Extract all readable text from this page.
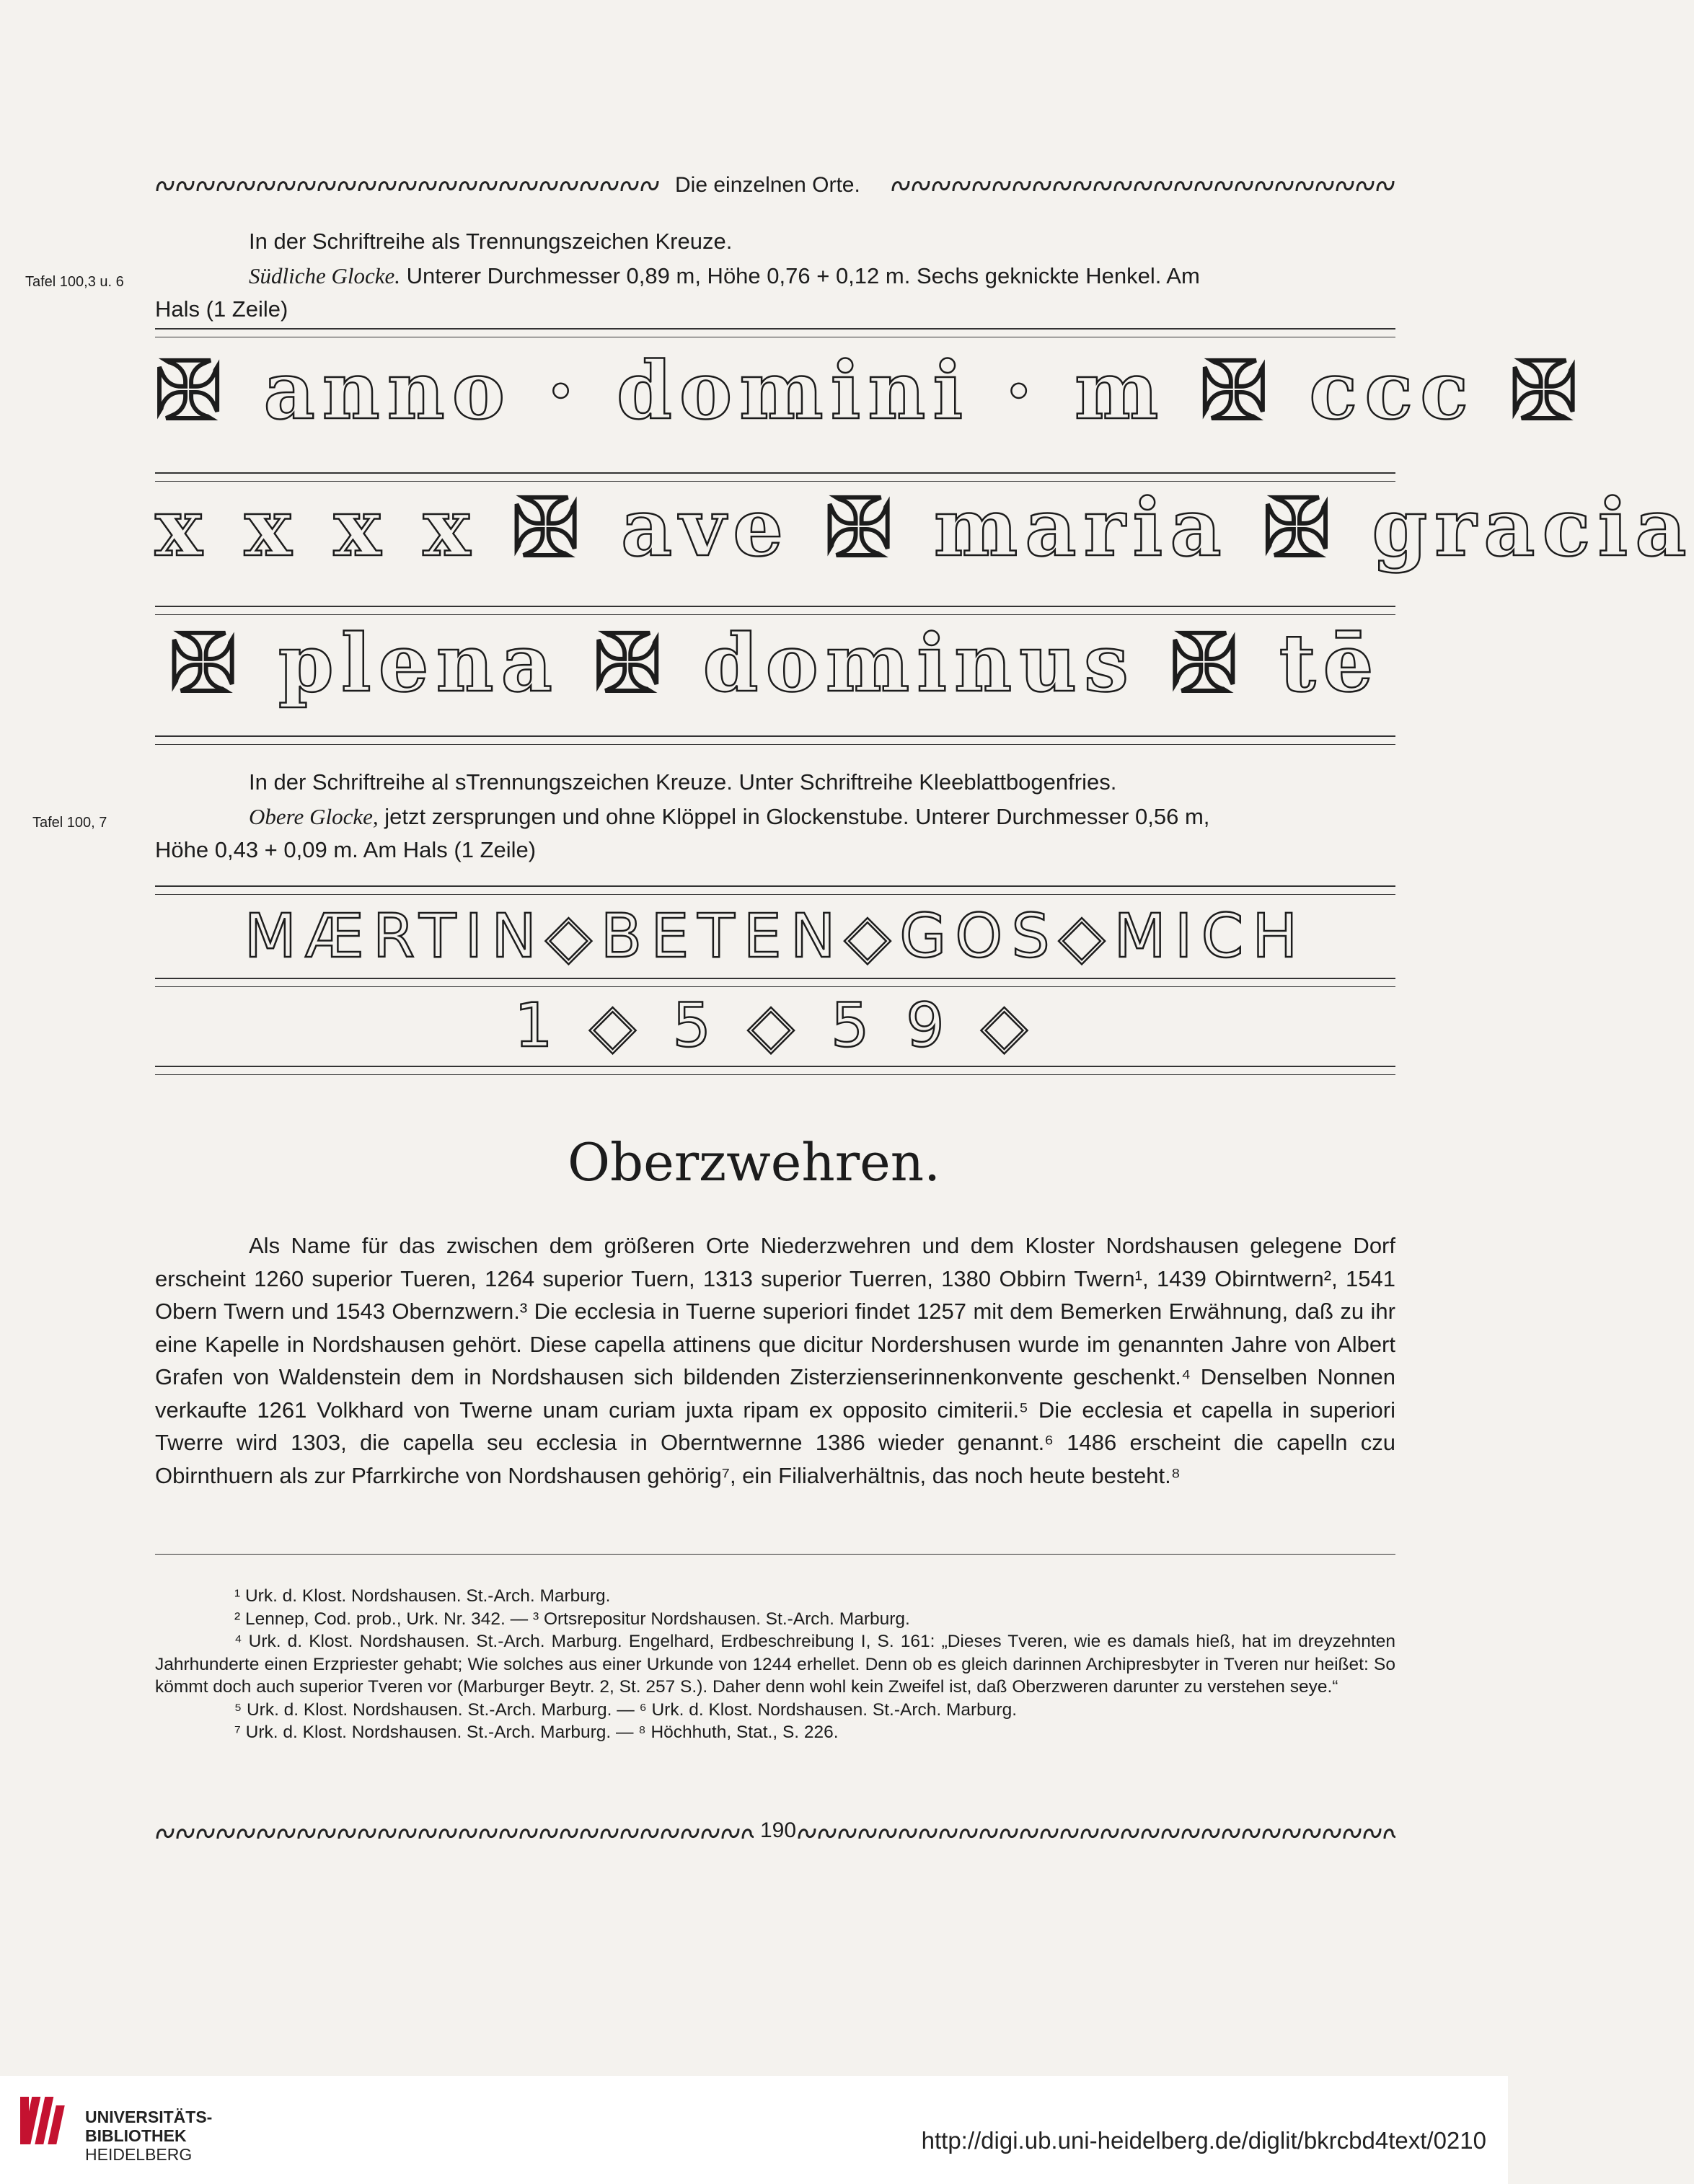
Die einzelnen Orte.
In der Schriftreihe als Trennungszeichen Kreuze.
Tafel 100,3 u. 6	Südliche Glocke. Unterer Durchmesser 0,89 m, Höhe 0,76 + 0,12 m. Sechs geknickte Henkel. Am
Hals (1 Zeile)
✠ anno · domini · m ✠ ccc ✠
x x x x ✠ ave ✠ maria ✠ gracia
✠ plena ✠ dominus ✠ tē
In der Schriftreihe al sTrennungszeichen Kreuze. Unter Schriftreihe Kleeblattbogenfries.
Tafel 100, 7	Obere Glocke, jetzt zersprungen und ohne Klöppel in Glockenstube. Unterer Durchmesser 0,56 m,
Höhe 0,43 + 0,09 m. Am Hals (1 Zeile)
MÆRTIN◇BETEN◇GOS◇MICH
1 ◇ 5 ◇ 5 9 ◇
Oberzwehren.
Als Name für das zwischen dem größeren Orte Niederzwehren und dem Kloster Nordshausen gelegene Dorf erscheint 1260 superior Tueren, 1264 superior Tuern, 1313 superior Tuerren, 1380 Obbirn Twern¹, 1439 Obirntwern², 1541 Obern Twern und 1543 Obernzwern.³ Die ecclesia in Tuerne superiori findet 1257 mit dem Bemerken Erwähnung, daß zu ihr eine Kapelle in Nordshausen gehört. Diese capella attinens que dicitur Nordershusen wurde im genannten Jahre von Albert Grafen von Waldenstein dem in Nordshausen sich bildenden Zisterzienserinnenkonvente geschenkt.⁴ Denselben Nonnen verkaufte 1261 Volkhard von Twerne unam curiam juxta ripam ex opposito cimiterii.⁵ Die ecclesia et capella in superiori Twerre wird 1303, die capella seu ecclesia in Oberntwernne 1386 wieder genannt.⁶ 1486 erscheint die capelln czu Obirnthuern als zur Pfarrkirche von Nordshausen gehörig⁷, ein Filialverhältnis, das noch heute besteht.⁸

¹ Urk. d. Klost. Nordshausen. St.-Arch. Marburg.

² Lennep, Cod. prob., Urk. Nr. 342. — ³ Ortsrepositur Nordshausen. St.-Arch. Marburg.

⁴ Urk. d. Klost. Nordshausen. St.-Arch. Marburg. Engelhard, Erdbeschreibung I, S. 161: „Dieses Tveren, wie es damals hieß, hat im dreyzehnten Jahrhunderte einen Erzpriester gehabt; Wie solches aus einer Urkunde von 1244 erhellet. Denn ob es gleich darinnen Archipresbyter in Tveren nur heißet: So kömmt doch auch superior Tveren vor (Marburger Beytr. 2, St. 257 S.). Daher denn wohl kein Zweifel ist, daß Oberzweren darunter zu verstehen seye.“

⁵ Urk. d. Klost. Nordshausen. St.-Arch. Marburg. — ⁶ Urk. d. Klost. Nordshausen. St.-Arch. Marburg.

⁷ Urk. d. Klost. Nordshausen. St.-Arch. Marburg. — ⁸ Höchhuth, Stat., S. 226.

190
UNIVERSITÄTS-
BIBLIOTHEK
HEIDELBERG
http://digi.ub.uni-heidelberg.de/diglit/bkrcbd4text/0210
